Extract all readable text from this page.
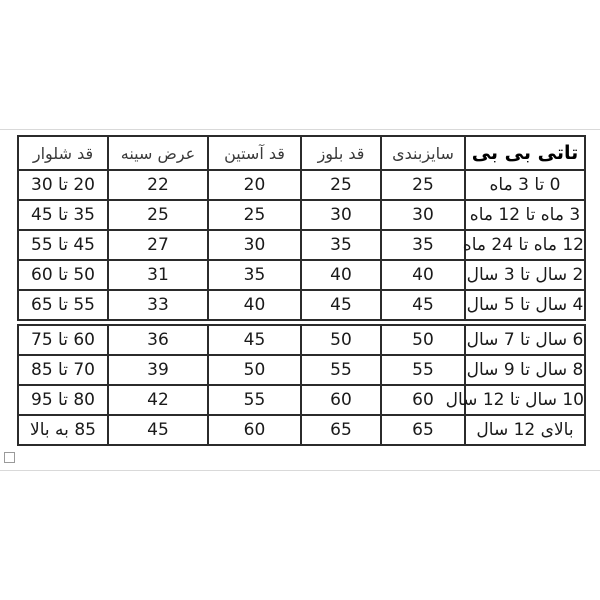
قد شلوار	عرض سینه	قد آستین	قد بلوز	سایزبندی	تاتی بی بی
20 تا 30	22	20	25	25	0 تا 3 ماه
35 تا 45	25	25	30	30	3 ماه تا 12 ماه
45 تا 55	27	30	35	35	12 ماه تا 24 ماه
50 تا 60	31	35	40	40	2 سال تا 3 سال
55 تا 65	33	40	45	45	4 سال تا 5 سال

60 تا 75	36	45	50	50	6 سال تا 7 سال
70 تا 85	39	50	55	55	8 سال تا 9 سال
80 تا 95	42	55	60	60	10 سال تا 12 سال
85 به بالا	45	60	65	65	بالای 12 سال
